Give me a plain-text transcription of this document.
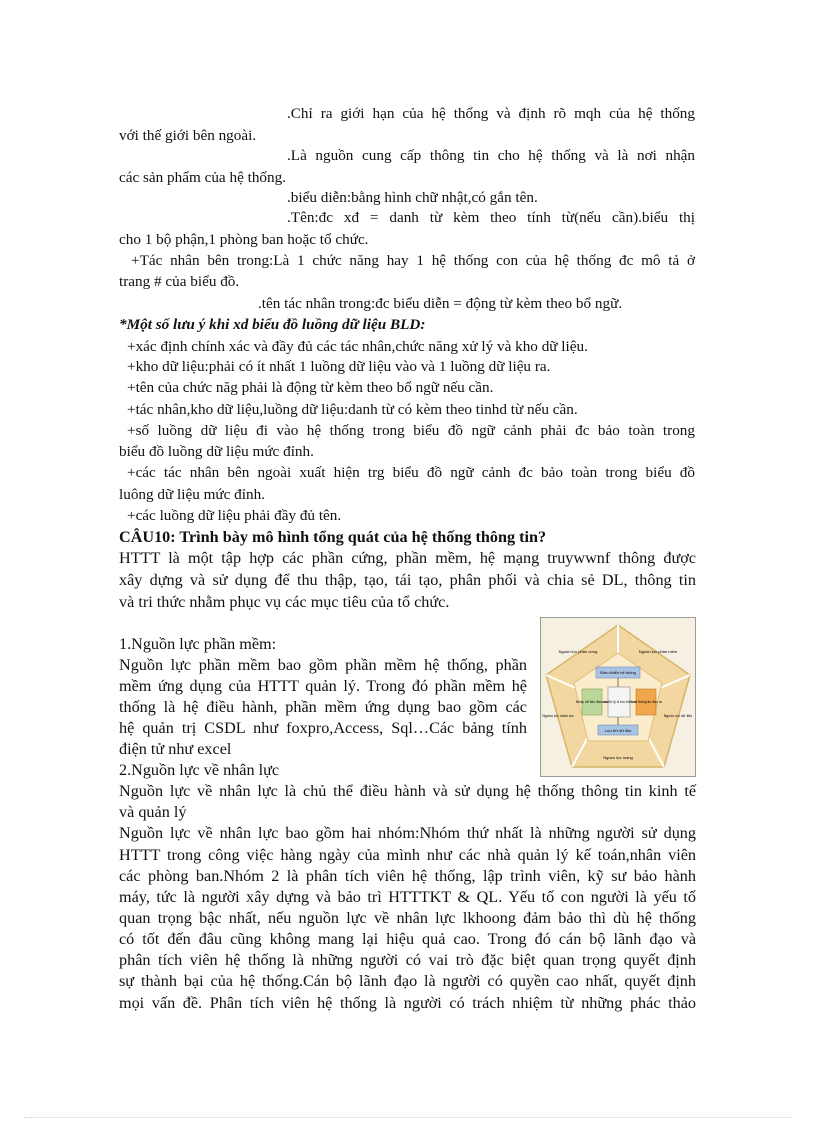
.Chỉ ra giới hạn của hệ thống và định rõ mqh của hệ thống
với thế giới bên ngoài.
.Là nguồn cung cấp thông tin cho hệ thống và là nơi nhận
các sản phẩm của hệ thống.
.biểu diễn:bằng hình chữ nhật,có gắn tên.
.Tên:đc xđ = danh từ kèm theo tính từ(nếu cần).biểu thị
cho 1 bộ phận,1 phòng ban hoặc tổ chức.
+Tác nhân bên trong:Là 1 chức năng hay 1 hệ thống con của hệ thống đc mô tả ở
trang # của biểu đồ.
.tên tác nhân trong:đc biểu diễn = động từ kèm theo bổ ngữ.
*Một số lưu ý khi xd biểu đồ luồng dữ liệu BLD:
+xác định chính xác và đầy đủ các tác nhân,chức năng xử lý và kho dữ liệu.
+kho dữ liệu:phải có ít nhất 1 luồng dữ liệu vào và 1 luồng dữ liệu ra.
+tên của chức năg phải là động từ kèm theo bổ ngữ nếu cần.
+tác nhân,kho dữ liệu,luồng dữ liệu:danh từ có kèm theo tinhd từ nếu cần.
+số luồng dữ liệu đi vào hệ thống trong biểu đồ ngữ cảnh phải đc bảo toàn trong
biểu đồ luồng dữ liệu mức đỉnh.
+các tác nhân bên ngoài xuất hiện trg biểu đồ ngữ cảnh đc bảo toàn trong biểu đồ
luông dữ liệu mức đỉnh.
+các luồng dữ liệu phải đầy đủ tên.
CÂU10: Trình bày mô hình tổng quát của hệ thống thông tin?
HTTT là một tập hợp các phần cứng, phần mềm, hệ mạng truywwnf thông được
xây dựng và sử dụng để thu thập, tạo, tái tạo, phân phối và chia sẻ DL, thông tin
và tri thức nhằm phục vụ các mục tiêu của tổ chức.
1.Nguồn lực phần mềm:
Nguồn lực phần mềm bao gồm phần mềm hệ thống, phần
mềm ứng dụng của HTTT quản lý. Trong đó phần mềm hệ
thống là hệ điều hành, phần mềm ứng dụng bao gồm các
hệ quản trị CSDL như foxpro,Access, Sql…Các bảng tính
điện tử như excel
2.Nguồn lực về nhân lực
Nguồn lực về nhân lực là chủ thể điều hành và sử dụng hệ thống thông tin kinh tế
và quản lý
Nguồn lực về nhân lực bao gồm hai nhóm:Nhóm thứ nhất là những người sử dụng
HTTT trong công việc hàng ngày của mình như các nhà quản lý kế toán,nhân viên
các phòng ban.Nhóm 2 là phân tích viên hệ thống, lập trình viên, kỹ sư bảo hành
máy, tức là người xây dựng và bảo trì HTTTKT & QL. Yếu tố con người là yếu tố
quan trọng bậc nhất, nếu nguồn lực về nhân lực lkhoong đảm bảo thì dù hệ thống
có tốt đến đâu cũng không mang lại hiệu quả cao. Trong đó cán bộ lãnh đạo và
phân tích viên hệ thống là những người có vai trò đặc biệt quan trọng quyết định
sự thành bại của hệ thống.Cán bộ lãnh đạo là người có quyền cao nhất, quyết định
mọi vấn đề. Phân tích viên hệ thống là người có trách nhiệm từ những phác thảo
Điều khiển hệ thống
Nhập dữ liệu đầu vào Xử lý & lưu trữ Xuất thông tin đầu ra
Lưu trữ dữ liệu
Nguồn lực phần cứng	Nguồn lực phần mềm
Nguồn lực dữ liệu
Nguồn lực mạng
Nguồn lực nhân lực
